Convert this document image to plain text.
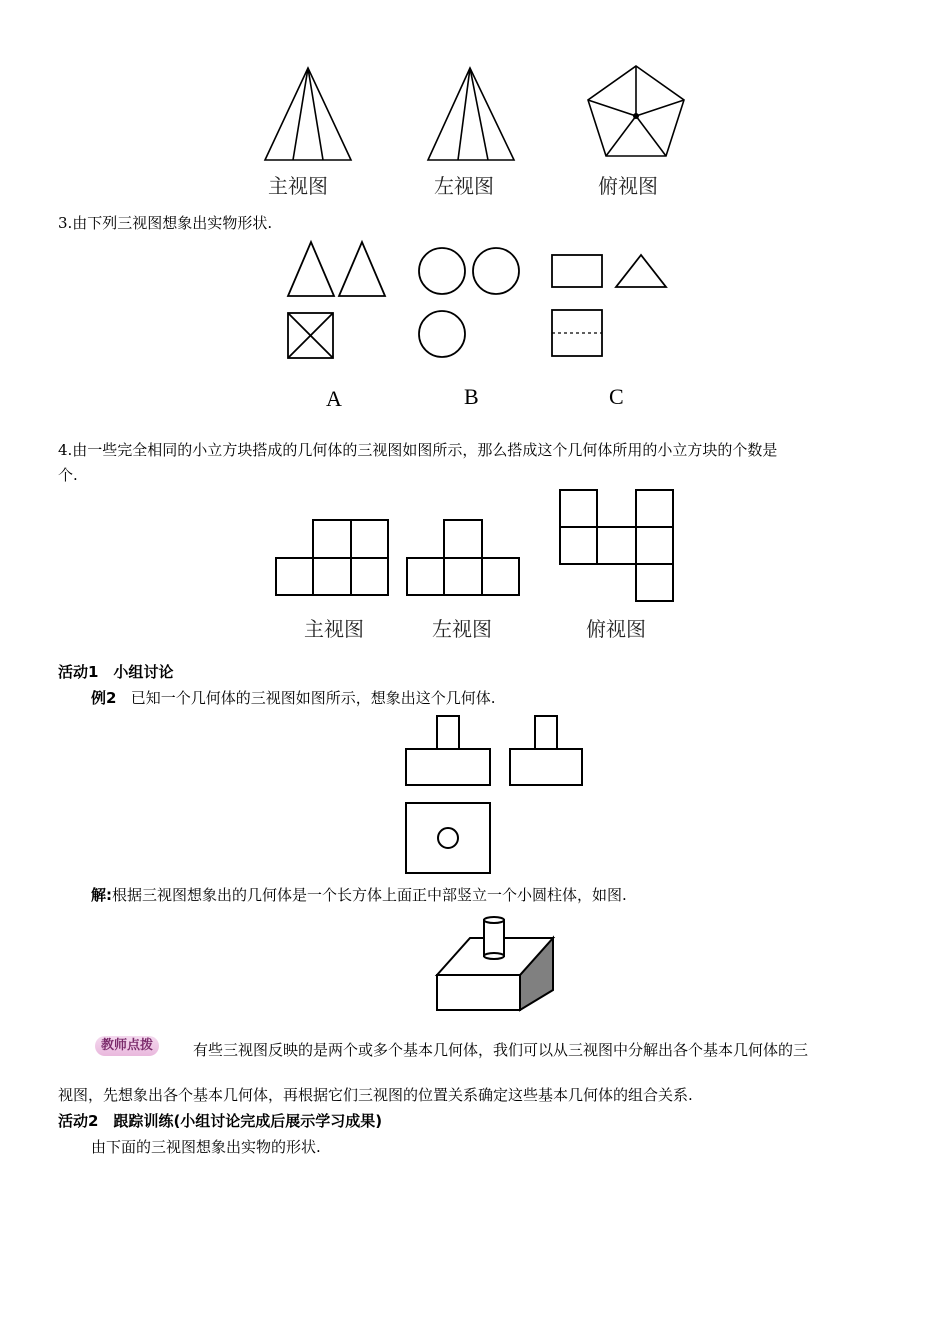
主视图	左视图	俯视图
3.由下列三视图想象出实物形状.
A	B	C
4.由一些完全相同的小立方块搭成的几何体的三视图如图所示，那么搭成这个几何体所用的小立方块的个数是
个.
主视图	左视图	俯视图
活动1　小组讨论
例2 已知一个几何体的三视图如图所示，想象出这个几何体.
解:根据三视图想象出的几何体是一个长方体上面正中部竖立一个小圆柱体，如图.
教师点拨	有些三视图反映的是两个或多个基本几何体，我们可以从三视图中分解出各个基本几何体的三
视图，先想象出各个基本几何体，再根据它们三视图的位置关系确定这些基本几何体的组合关系.
活动2　跟踪训练(小组讨论完成后展示学习成果)
由下面的三视图想象出实物的形状.
